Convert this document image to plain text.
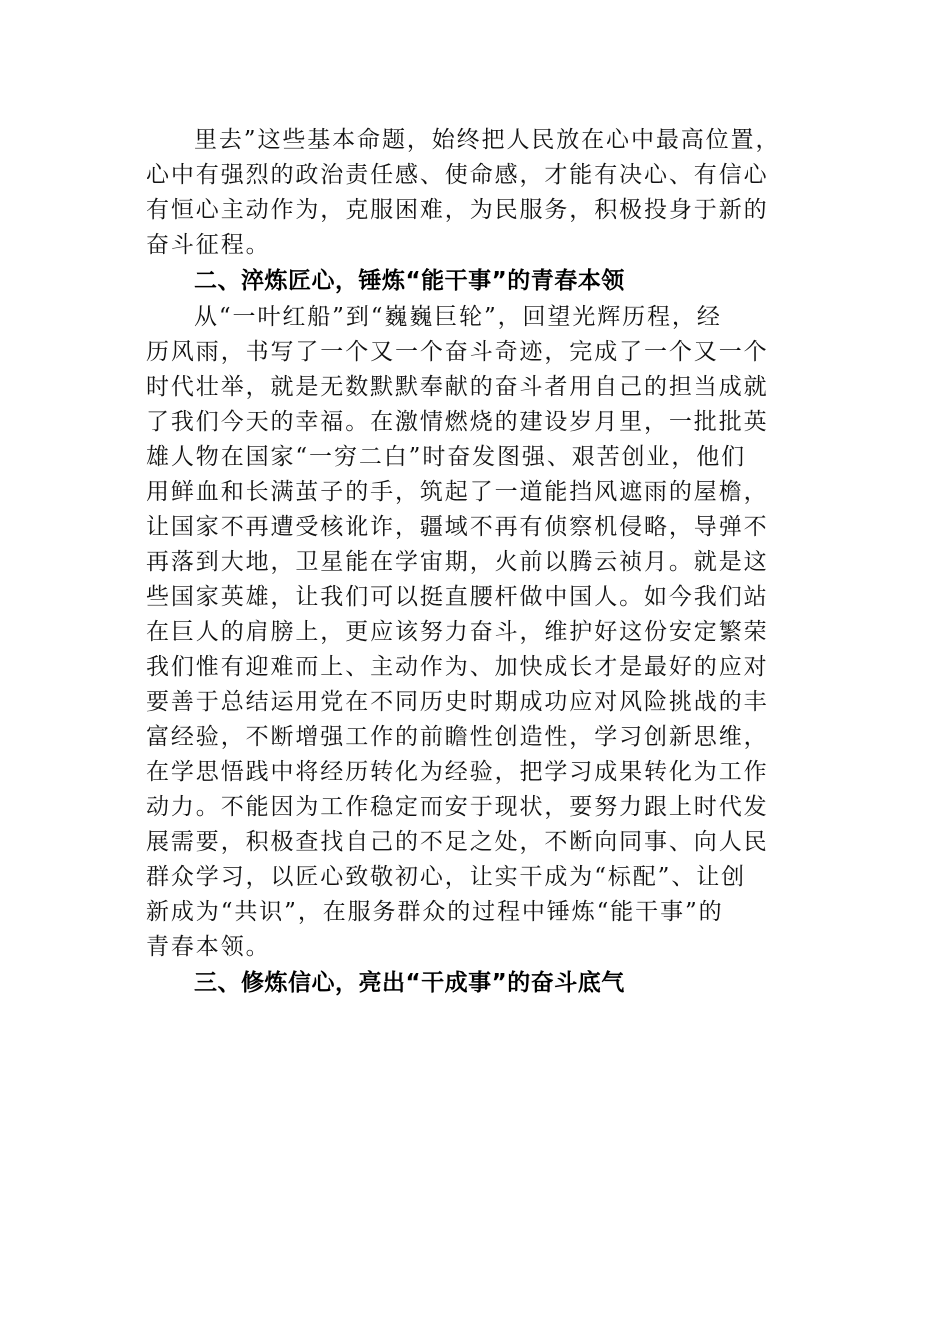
里去”这些基本命题，始终把人民放在心中最高位置，
心中有强烈的政治责任感、使命感，才能有决心、有信心
有恒心主动作为，克服困难，为民服务，积极投身于新的
奋斗征程。
二、淬炼匠心，锤炼“能干事”的青春本领
从“一叶红船”到“巍巍巨轮”，回望光辉历程，经
历风雨，书写了一个又一个奋斗奇迹，完成了一个又一个
时代壮举，就是无数默默奉献的奋斗者用自己的担当成就
了我们今天的幸福。在激情燃烧的建设岁月里，一批批英
雄人物在国家“一穷二白”时奋发图强、艰苦创业，他们
用鲜血和长满茧子的手，筑起了一道能挡风遮雨的屋檐，
让国家不再遭受核讹诈，疆域不再有侦察机侵略，导弹不
再落到大地，卫星能在学宙期，火前以腾云祯月。就是这
些国家英雄，让我们可以挺直腰杆做中国人。如今我们站
在巨人的肩膀上，更应该努力奋斗，维护好这份安定繁荣
我们惟有迎难而上、主动作为、加快成长才是最好的应对
要善于总结运用党在不同历史时期成功应对风险挑战的丰
富经验，不断增强工作的前瞻性创造性，学习创新思维，
在学思悟践中将经历转化为经验，把学习成果转化为工作
动力。不能因为工作稳定而安于现状，要努力跟上时代发
展需要，积极查找自己的不足之处，不断向同事、向人民
群众学习，以匠心致敬初心，让实干成为“标配”、让创
新成为“共识”，在服务群众的过程中锤炼“能干事”的
青春本领。
三、修炼信心，亮出“干成事”的奋斗底气
